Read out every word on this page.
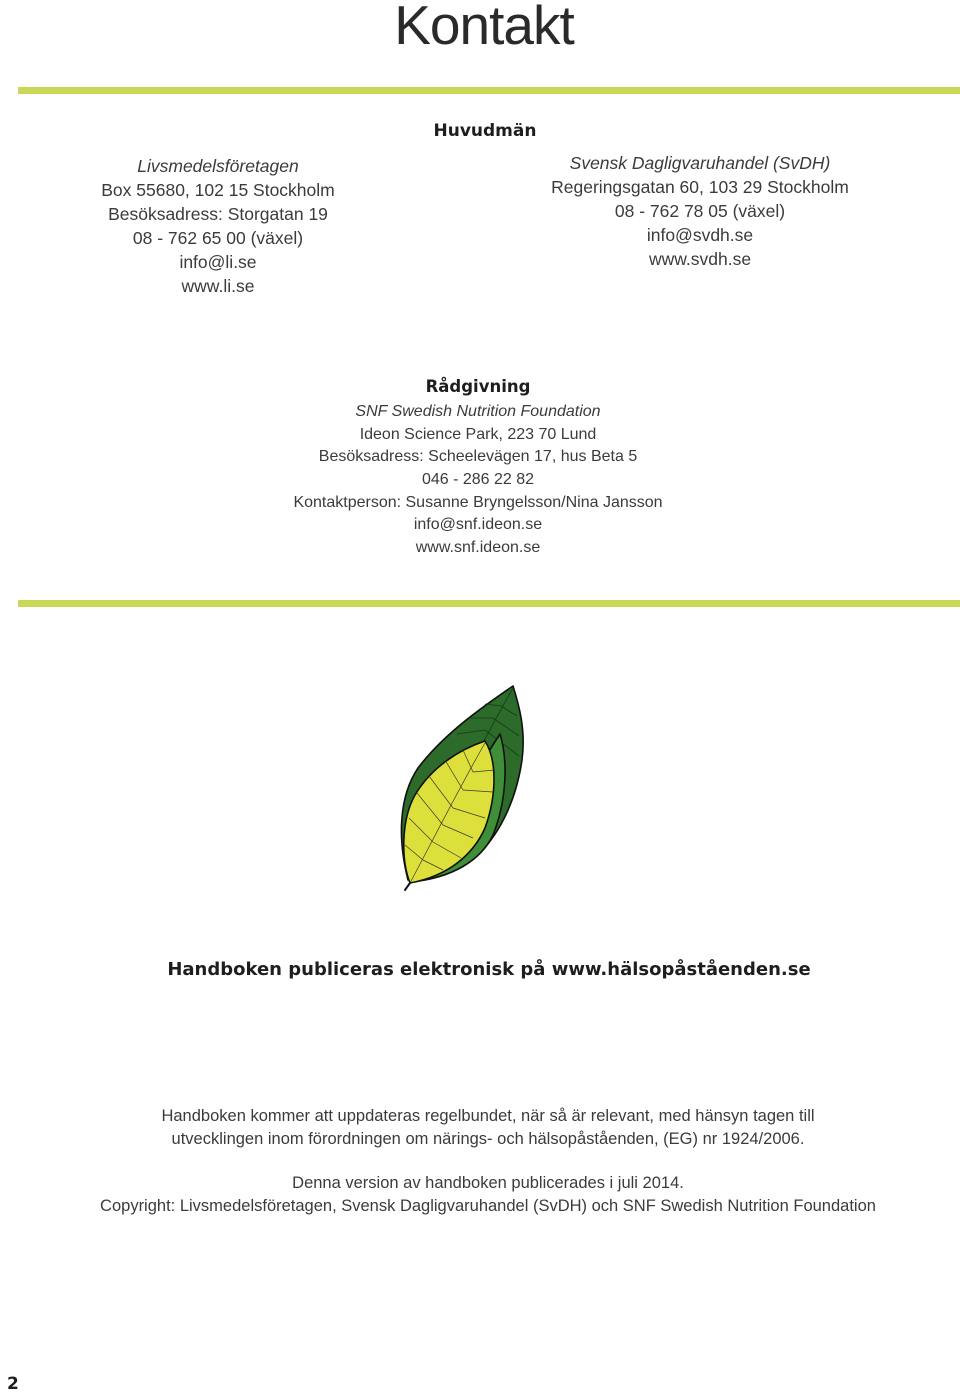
Kontakt
Huvudmän
Livsmedelsföretagen
Box 55680, 102 15 Stockholm
Besöksadress: Storgatan 19
08 - 762 65 00 (växel)
info@li.se
www.li.se
Svensk Dagligvaruhandel (SvDH)
Regeringsgatan 60, 103 29 Stockholm
08 - 762 78 05 (växel)
info@svdh.se
www.svdh.se
Rådgivning
SNF Swedish Nutrition Foundation
Ideon Science Park, 223 70 Lund
Besöksadress: Scheelevägen 17, hus Beta 5
046 - 286 22 82
Kontaktperson: Susanne Bryngelsson/Nina Jansson
info@snf.ideon.se
www.snf.ideon.se
Handboken publiceras elektronisk på www.hälsopåståenden.se
Handboken kommer att uppdateras regelbundet, när så är relevant, med hänsyn tagen till
utvecklingen inom förordningen om närings- och hälsopåståenden, (EG) nr 1924/2006.
Denna version av handboken publicerades i juli 2014.
Copyright: Livsmedelsföretagen, Svensk Dagligvaruhandel (SvDH) och SNF Swedish Nutrition Foundation
2
